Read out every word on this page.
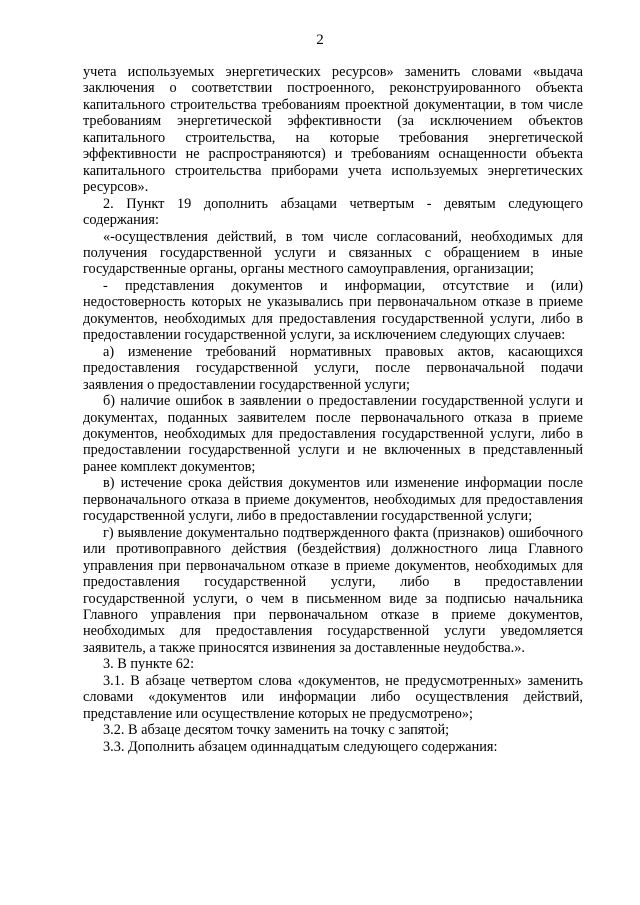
2

учета используемых энергетических ресурсов» заменить словами «выдача заключения о соответствии построенного, реконструированного объекта капитального строительства требованиям проектной документации, в том числе требованиям энергетической эффективности (за исключением объектов капитального строительства, на которые требования энергетической эффективности не распространяются) и требованиям оснащенности объекта капитального строительства приборами учета используемых энергетических ресурсов».

2. Пункт 19 дополнить абзацами четвертым - девятым следующего содержания:

«-осуществления действий, в том числе согласований, необходимых для получения государственной услуги и связанных с обращением в иные государственные органы, органы местного самоуправления, организации;

- представления документов и информации, отсутствие и (или) недостоверность которых не указывались при первоначальном отказе в приеме документов, необходимых для предоставления государственной услуги, либо в предоставлении государственной услуги, за исключением следующих случаев:

а) изменение требований нормативных правовых актов, касающихся предоставления государственной услуги, после первоначальной подачи заявления о предоставлении государственной услуги;

б) наличие ошибок в заявлении о предоставлении государственной услуги и документах, поданных заявителем после первоначального отказа в приеме документов, необходимых для предоставления государственной услуги, либо в предоставлении государственной услуги и не включенных в представленный ранее комплект документов;

в) истечение срока действия документов или изменение информации после первоначального отказа в приеме документов, необходимых для предоставления государственной услуги, либо в предоставлении государственной услуги;

г) выявление документально подтвержденного факта (признаков) ошибочного или противоправного действия (бездействия) должностного лица Главного управления при первоначальном отказе в приеме документов, необходимых для предоставления государственной услуги, либо в предоставлении государственной услуги, о чем в письменном виде за подписью начальника Главного управления при первоначальном отказе в приеме документов, необходимых для предоставления государственной услуги уведомляется заявитель, а также приносятся извинения за доставленные неудобства.».

3. В пункте 62:

3.1. В абзаце четвертом слова «документов, не предусмотренных» заменить словами «документов или информации либо осуществления действий, представление или осуществление которых не предусмотрено»;

3.2. В абзаце десятом точку заменить на точку с запятой;

3.3. Дополнить абзацем одиннадцатым следующего содержания:
